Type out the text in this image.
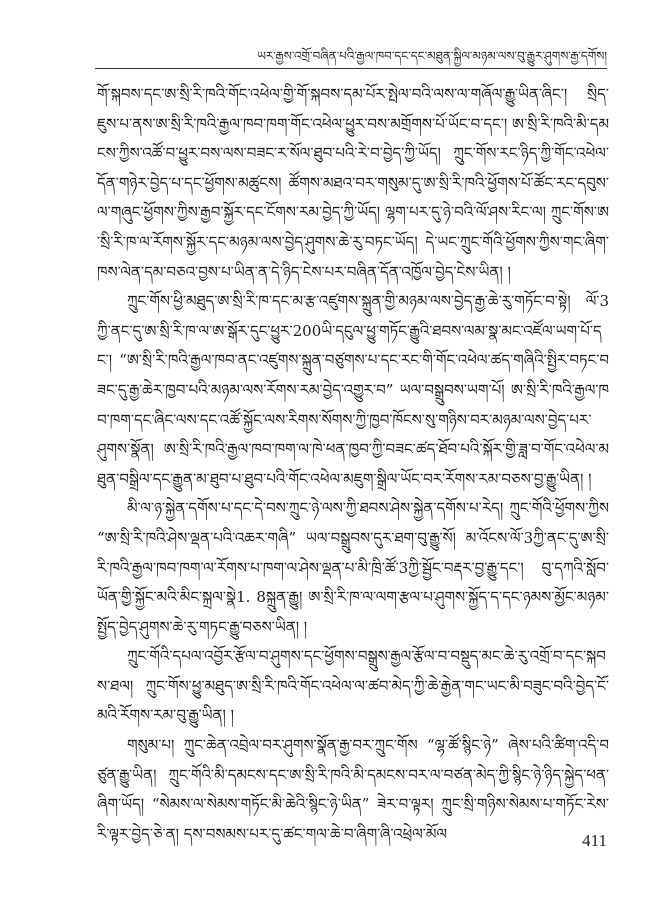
ཡར་རྒྱས་འགྲོ་བཞིན་པའི་རྒྱལ་ཁབ་དང་དང་མཐུན་སྐྱིལ་མཉམ་ལས་བུ་རྒྱུར་ཤུགས་རྒྱ་དགོས།

གོ་སྐབས་དང་ཨ་སྲི་རི་ཁའི་གོང་འཕེལ་གྱི་གོ་སྐབས་དམ་པོར་སྤེལ་བའི་ལས་ལ་གཞོལ་རྒྱུ་ཡིན་ཞིང་། སྲིད་ཇུས་པ་ནས་ཨ་སྲི་རི་ཁའི་རྒྱལ་ཁབ་ཁག་གོང་འཕེལ་ཕྱུར་བས་མགྲོགས་པོ་ཡོང་བ་དང་། ཨ་སྲི་རི་ཁའི་མི་དམངས་ཀྱིས་འཚོ་བ་ཕྱུར་བས་ལས་བཟང་ར་སོལ་ཐུབ་པའི་རེ་བ་བྱེད་ཀྱི་ཡོད། ཀྲུང་གོས་རང་ཉིད་ཀྱི་གོང་འཕེལ་དོན་གཉེར་བྱེད་པ་དང་ཕྱོགས་མཚུངས། ཚོགས་མཐའ་བར་གསུམ་དུ་ཨ་སྲི་རི་ཁའི་ཕྱོགས་པོ་ཚོང་རང་དབུས་ལ་གཞུང་ཕྱོགས་ཀྱིས་རྒྱབ་སྐྱོར་དང་ངོགས་རམ་བྱེད་ཀྱི་ཡོད། ལྷག་པར་དུ་ཉེ་བའི་ལོ་ཤས་རིང་ལ། ཀྲུང་གོས་ཨ་སྲི་རི་ཁ་ལ་རོགས་སྐྱོར་དང་མཉམ་ལས་བྱེད་ཤུགས་ཆེ་རུ་བཏང་ཡོད། དེ་ཡང་ཀྲུང་གོའི་ཕྱོགས་ཀྱིས་གང་ཞིག་ཁས་ལེན་དམ་བཅའ་བྱས་པ་ཡིན་ན་དེ་ཉིད་ངེས་པར་བཞིན་དོན་འཁྱོལ་བྱེད་ངེས་ཡིན། །

ཀྲུང་གོས་ཕྱི་མཐུད་ཨ་སྲི་རི་ཁ་དང་མ་རྩ་འཛུགས་སྐྲུན་གྱི་མཉམ་ལས་བྱེད་རྒྱ་ཆེ་རུ་གཏོང་བ་སྟེ། ལོ་3ཀྱི་ནང་དུ་ཨ་སྲི་རི་ཁ་ལ་ཨ་སྒོར་དུང་ཕྱུར་200ཡི་དངུལ་ཕྱུ་གཏོང་རྒྱུའི་ཐབས་ལམ་སྣ་མང་འཛོལ་ཡག་པོ་དང་། “ཨ་སྲི་རི་ཁའི་རྒྱལ་ཁབ་ནང་འཛུགས་སྐྲུན་བཙུགས་པ་དང་རང་གི་གོང་འཕེལ་ཚད་གཞིའི་སྤྱིར་བཏང་བཟང་དུ་རྒྱ་ཆེར་ཁྱབ་པའི་མཉམ་ལས་རོགས་རམ་བྱེད་འགྱུར་བ” ཡལ་བསྒྲུབས་ཡག་པོ། ཨ་སྲི་རི་ཁའི་རྒྱལ་ཁབ་ཁག་དང་ཞིང་ལས་དང་འཚོ་སྐྱོང་ལས་རིགས་སོགས་ཀྱི་ཁྱབ་ཁོངས་སུ་གཉིས་བར་མཉམ་ལས་བྱེད་པར་ཤུགས་སྣོན། ཨ་སྲི་རི་ཁའི་རྒྱལ་ཁབ་ཁག་ལ་ཁེ་ཕན་ཁྱབ་ཀྱི་བཟང་ཚད་ཐོབ་པའི་སྐོར་གྱི་ཟླ་བ་གོང་འཕེལ་མཐུན་བསྒྲིལ་དང་རྒྱུན་མ་ཐུབ་པ་ཐུབ་པའི་གོང་འཕེལ་མཇུག་སྒྲིལ་ཡོང་བར་རོགས་རམ་བཅས་བྱ་རྒྱུ་ཡིན། །

མི་ལ་ཉ་སྐྱེན་དགོས་པ་དང་དེ་བས་ཀྲུང་ཉེ་ལས་ཀྱི་ཐབས་ཤེས་སྐྱེན་དགོས་པ་རེད། ཀྲུང་གོའི་ཕྱོགས་ཀྱིས “ཨ་སྲི་རི་ཁའི་ཤེས་ལྡན་པའི་འཆར་གཞི” ཡལ་བསྒྲུབས་དུར་ཐག་བུ་རྒྱུ་སོ། མ་འོངས་ལོ་3ཀྱི་ནང་དུ་ཨ་སྲི་རི་ཁའི་རྒྱལ་ཁབ་ཁག་ལ་རོགས་པ་ཁག་ལ་ཤེས་ལྡན་པ་མི་ཁྲི་ཚོ་3ཀྱི་སྦྱོང་བརྡར་བྱ་རྒྱུ་དང་། བུ་དཀའི་སློབ་ཡོན་གྱི་སྐྱོང་མའི་མིང་སྐྲལ་སྣེ1. 8སྐྲུན་རྒྱུ། ཨ་སྲི་རི་ཁ་ལ་ལག་རྩལ་པ་ཤུགས་སྐྱོད་ད་དང་ཉམས་མྱོང་མཉམ་སྤྱོད་བྱེད་ཤུགས་ཆེ་རུ་གཏང་རྒྱུ་བཅས་ཡིན། །

ཀྲུང་གོའི་དཔལ་འབྱོར་རྩོལ་བ་ཤུགས་དང་ཕྱོགས་བསྒྲུས་རྒྱལ་རྩོལ་བ་བསྡུད་མང་ཆེ་རུ་འགྲོ་བ་དང་སྐབས་ཐལ། ཀྲུང་གོས་ཕྱུ་མཐུད་ཨ་སྲི་རི་ཁའི་གོང་འཕེལ་ལ་ཚབ་མེད་ཀྱི་ཆེ་རྒྱེན་གང་ཡང་མི་བཟུང་བའི་བྱེད་ངོ་མའི་རོགས་རམ་བུ་རྒྱུ་ཡིན། །

གསུམ་པ། ཀྲུང་ཆེན་འབྲེལ་བར་ཤུགས་སྣོན་རྒྱ་བར་ཀྲུང་གོས “ལྷ་ཚོ་སྙིང་ཉེ” ཞེས་པའི་ཚིག་འདི་བཙུན་རྒྱུ་ཡིན། ཀྲུང་གོའི་མི་དམངས་དང་ཨ་སྲི་རི་ཁའི་མི་དམངས་བར་ལ་བཙན་མེད་ཀྱི་སྙིང་ཉེ་ཉིད་སྐྱེད་ཕན་ཞིག་ཡོད། “སེམས་ལ་སེམས་གཏོང་མི་ཆེའི་སྙིང་ཉེ་ཡིན” ཟེར་བ་ལྟར། ཀྲུང་སྲི་གཉིས་སེམས་པ་གཏོང་རེས་རི་ལྟར་བྱེད་ཅེ་ན། དས་བསམས་པར་དུ་ཚང་གལ་ཆེ་བ་ཞིག་ཞི་འཕྲེལ་མོལ	411
